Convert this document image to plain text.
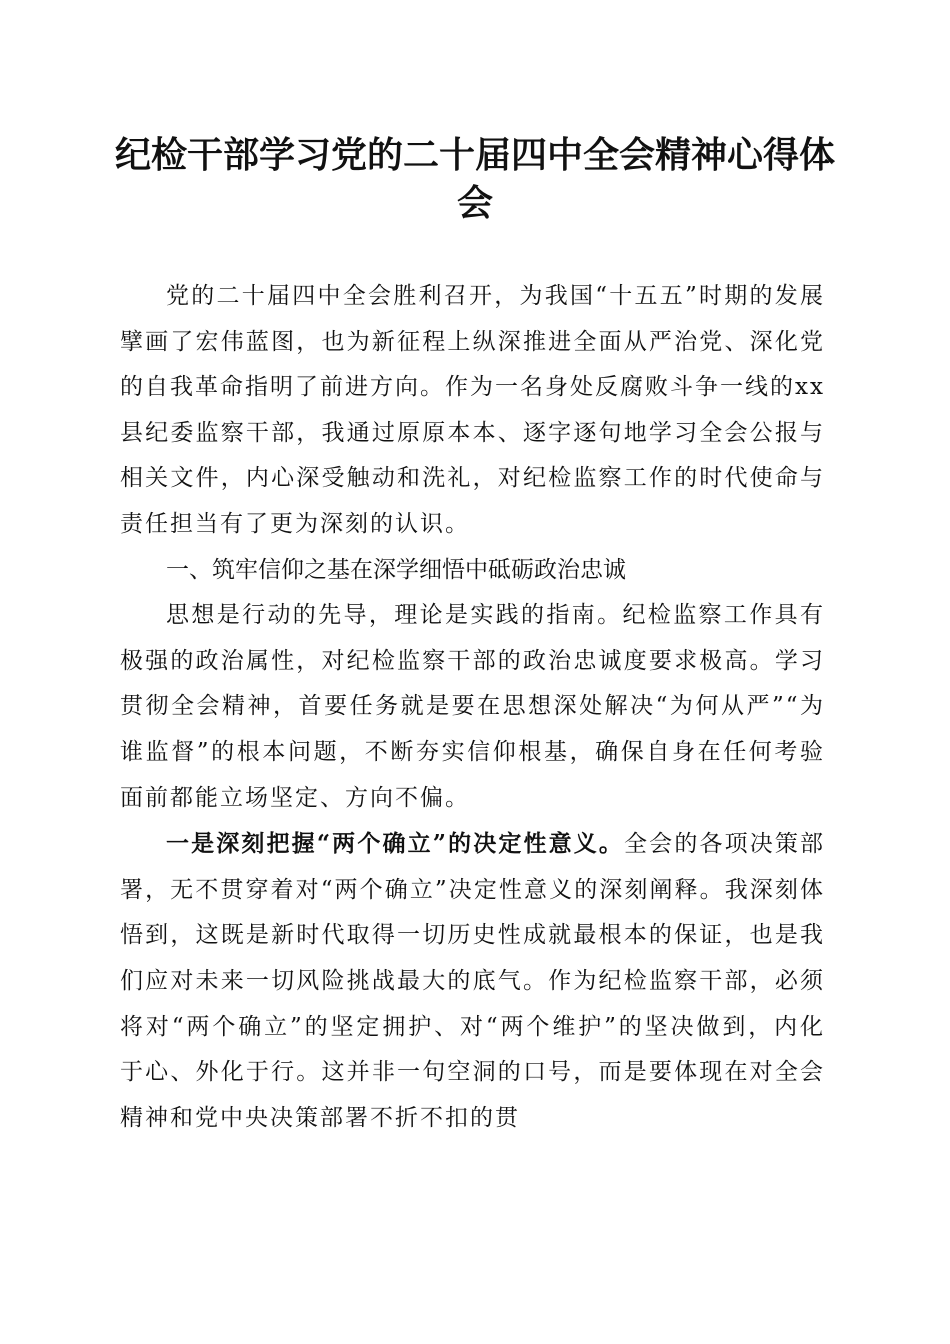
纪检干部学习党的二十届四中全会精神心得体会

党的二十届四中全会胜利召开，为我国“十五五”时期的发展擘画了宏伟蓝图，也为新征程上纵深推进全面从严治党、深化党的自我革命指明了前进方向。作为一名身处反腐败斗争一线的xx县纪委监察干部，我通过原原本本、逐字逐句地学习全会公报与相关文件，内心深受触动和洗礼，对纪检监察工作的时代使命与责任担当有了更为深刻的认识。

一、筑牢信仰之基在深学细悟中砥砺政治忠诚

思想是行动的先导，理论是实践的指南。纪检监察工作具有极强的政治属性，对纪检监察干部的政治忠诚度要求极高。学习贯彻全会精神，首要任务就是要在思想深处解决“为何从严”“为谁监督”的根本问题，不断夯实信仰根基，确保自身在任何考验面前都能立场坚定、方向不偏。

一是深刻把握“两个确立”的决定性意义。全会的各项决策部署，无不贯穿着对“两个确立”决定性意义的深刻阐释。我深刻体悟到，这既是新时代取得一切历史性成就最根本的保证，也是我们应对未来一切风险挑战最大的底气。作为纪检监察干部，必须将对“两个确立”的坚定拥护、对“两个维护”的坚决做到，内化于心、外化于行。这并非一句空洞的口号，而是要体现在对全会精神和党中央决策部署不折不扣的贯
